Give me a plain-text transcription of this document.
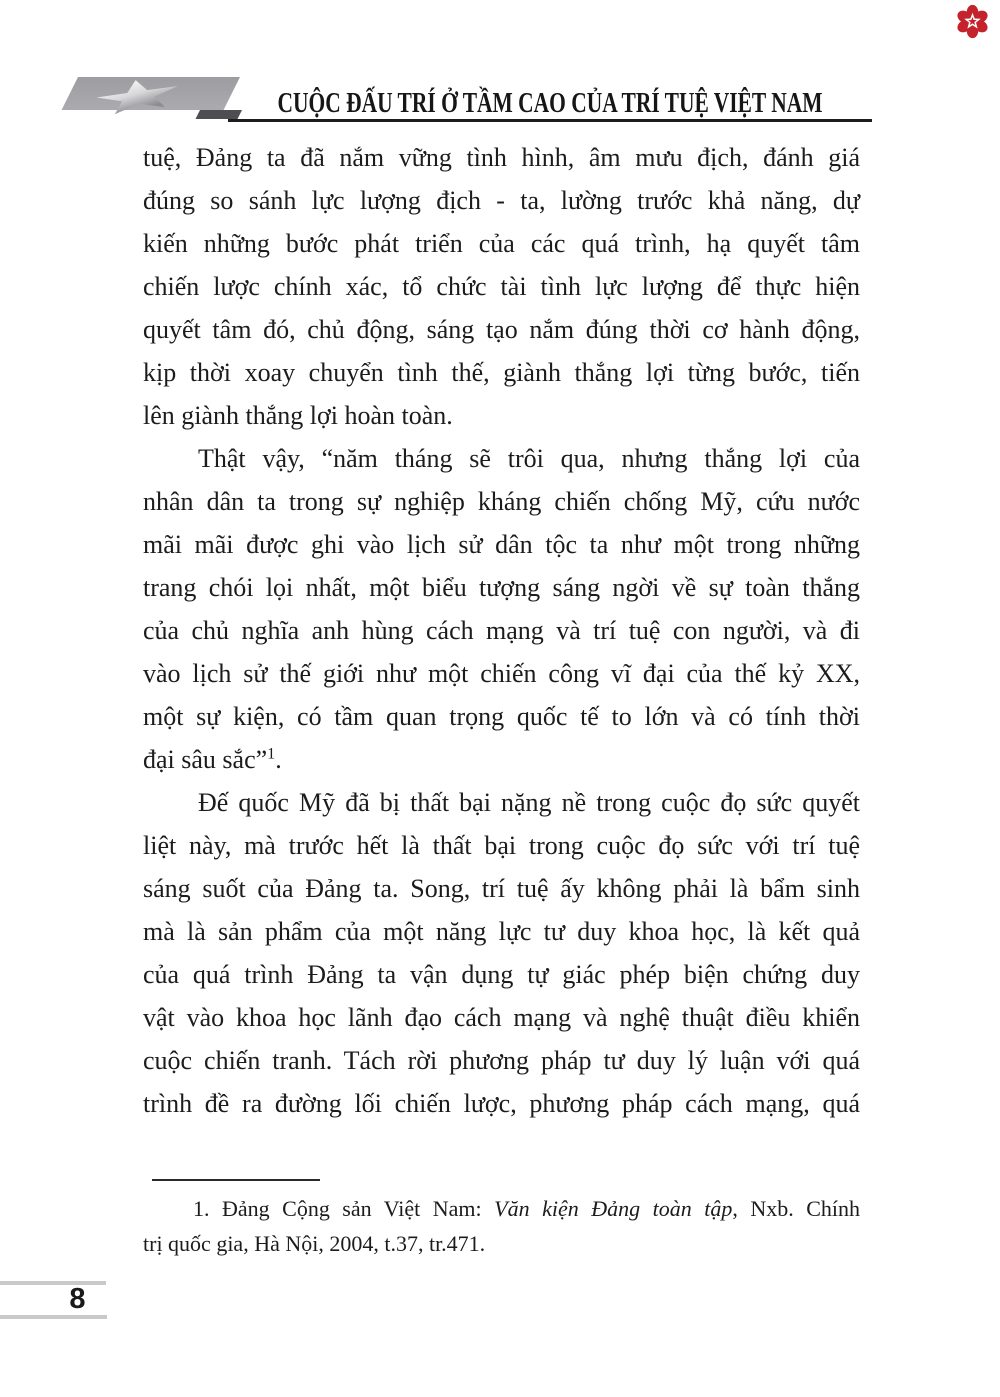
CUỘC ĐẤU TRÍ Ở TẦM CAO CỦA TRÍ TUỆ VIỆT NAM
tuệ, Đảng ta đã nắm vững tình hình, âm mưu địch, đánh giá
đúng so sánh lực lượng địch - ta, lường trước khả năng, dự
kiến những bước phát triển của các quá trình, hạ quyết tâm
chiến lược chính xác, tổ chức tài tình lực lượng để thực hiện
quyết tâm đó, chủ động, sáng tạo nắm đúng thời cơ hành động,
kịp thời xoay chuyển tình thế, giành thắng lợi từng bước, tiến
lên giành thắng lợi hoàn toàn.
Thật vậy, “năm tháng sẽ trôi qua, nhưng thắng lợi của
nhân dân ta trong sự nghiệp kháng chiến chống Mỹ, cứu nước
mãi mãi được ghi vào lịch sử dân tộc ta như một trong những
trang chói lọi nhất, một biểu tượng sáng ngời về sự toàn thắng
của chủ nghĩa anh hùng cách mạng và trí tuệ con người, và đi
vào lịch sử thế giới như một chiến công vĩ đại của thế kỷ XX,
một sự kiện, có tầm quan trọng quốc tế to lớn và có tính thời
đại sâu sắc”$^1$.
Đế quốc Mỹ đã bị thất bại nặng nề trong cuộc đọ sức quyết
liệt này, mà trước hết là thất bại trong cuộc đọ sức với trí tuệ
sáng suốt của Đảng ta. Song, trí tuệ ấy không phải là bẩm sinh
mà là sản phẩm của một năng lực tư duy khoa học, là kết quả
của quá trình Đảng ta vận dụng tự giác phép biện chứng duy
vật vào khoa học lãnh đạo cách mạng và nghệ thuật điều khiển
cuộc chiến tranh. Tách rời phương pháp tư duy lý luận với quá
trình đề ra đường lối chiến lược, phương pháp cách mạng, quá
1. Đảng Cộng sản Việt Nam: Văn kiện Đảng toàn tập, Nxb. Chính
trị quốc gia, Hà Nội, 2004, t.37, tr.471.
8
